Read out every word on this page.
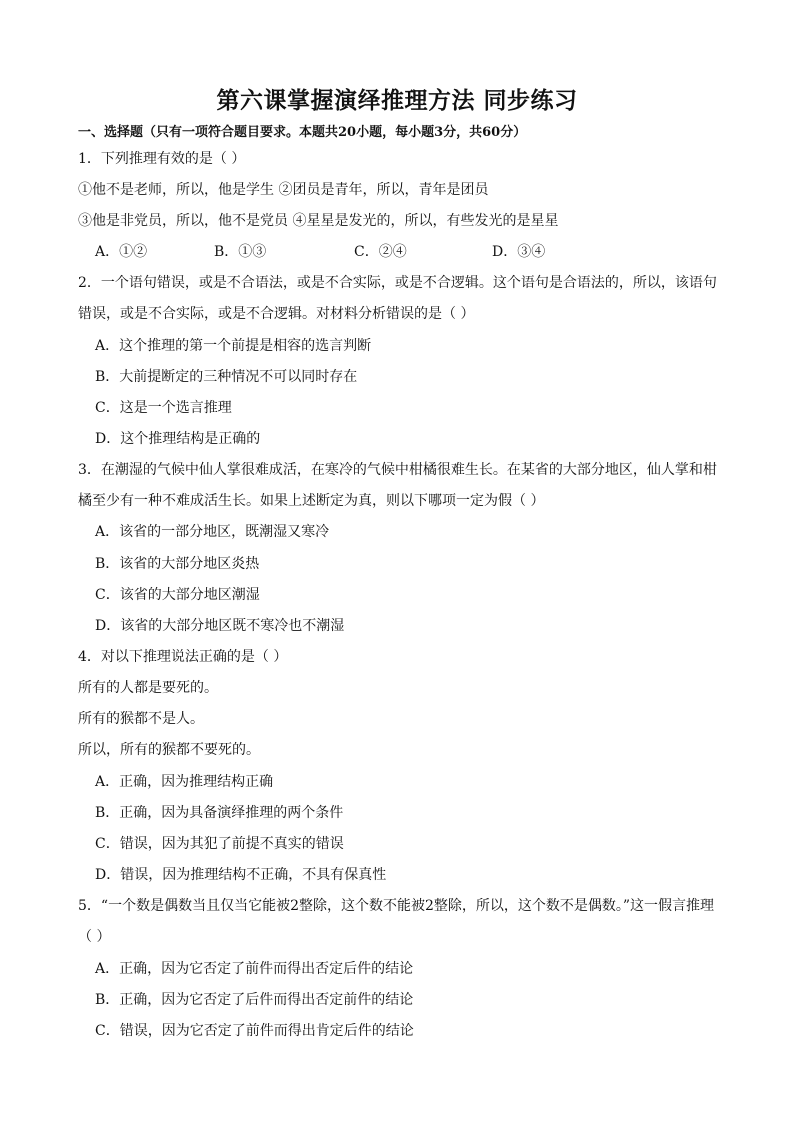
第六课掌握演绎推理方法 同步练习
一、选择题（只有一项符合题目要求。本题共20小题，每小题3分，共60分）
1．下列推理有效的是（ ）
①他不是老师，所以，他是学生 ②团员是青年，所以，青年是团员
③他是非党员，所以，他不是党员 ④星星是发光的，所以，有些发光的是星星
A．①②	B．①③	C．②④	D．③④
2．一个语句错误，或是不合语法，或是不合实际，或是不合逻辑。这个语句是合语法的，所以，该语句
错误，或是不合实际，或是不合逻辑。对材料分析错误的是（ ）
A．这个推理的第一个前提是相容的选言判断
B．大前提断定的三种情况不可以同时存在
C．这是一个选言推理
D．这个推理结构是正确的
3．在潮湿的气候中仙人掌很难成活，在寒冷的气候中柑橘很难生长。在某省的大部分地区，仙人掌和柑
橘至少有一种不难成活生长。如果上述断定为真，则以下哪项一定为假（ ）
A．该省的一部分地区，既潮湿又寒冷
B．该省的大部分地区炎热
C．该省的大部分地区潮湿
D．该省的大部分地区既不寒冷也不潮湿
4．对以下推理说法正确的是（ ）
所有的人都是要死的。
所有的猴都不是人。
所以，所有的猴都不要死的。
A．正确，因为推理结构正确
B．正确，因为具备演绎推理的两个条件
C．错误，因为其犯了前提不真实的错误
D．错误，因为推理结构不正确，不具有保真性
5．“一个数是偶数当且仅当它能被2整除，这个数不能被2整除，所以，这个数不是偶数。”这一假言推理
（ ）
A．正确，因为它否定了前件而得出否定后件的结论
B．正确，因为它否定了后件而得出否定前件的结论
C．错误，因为它否定了前件而得出肯定后件的结论
